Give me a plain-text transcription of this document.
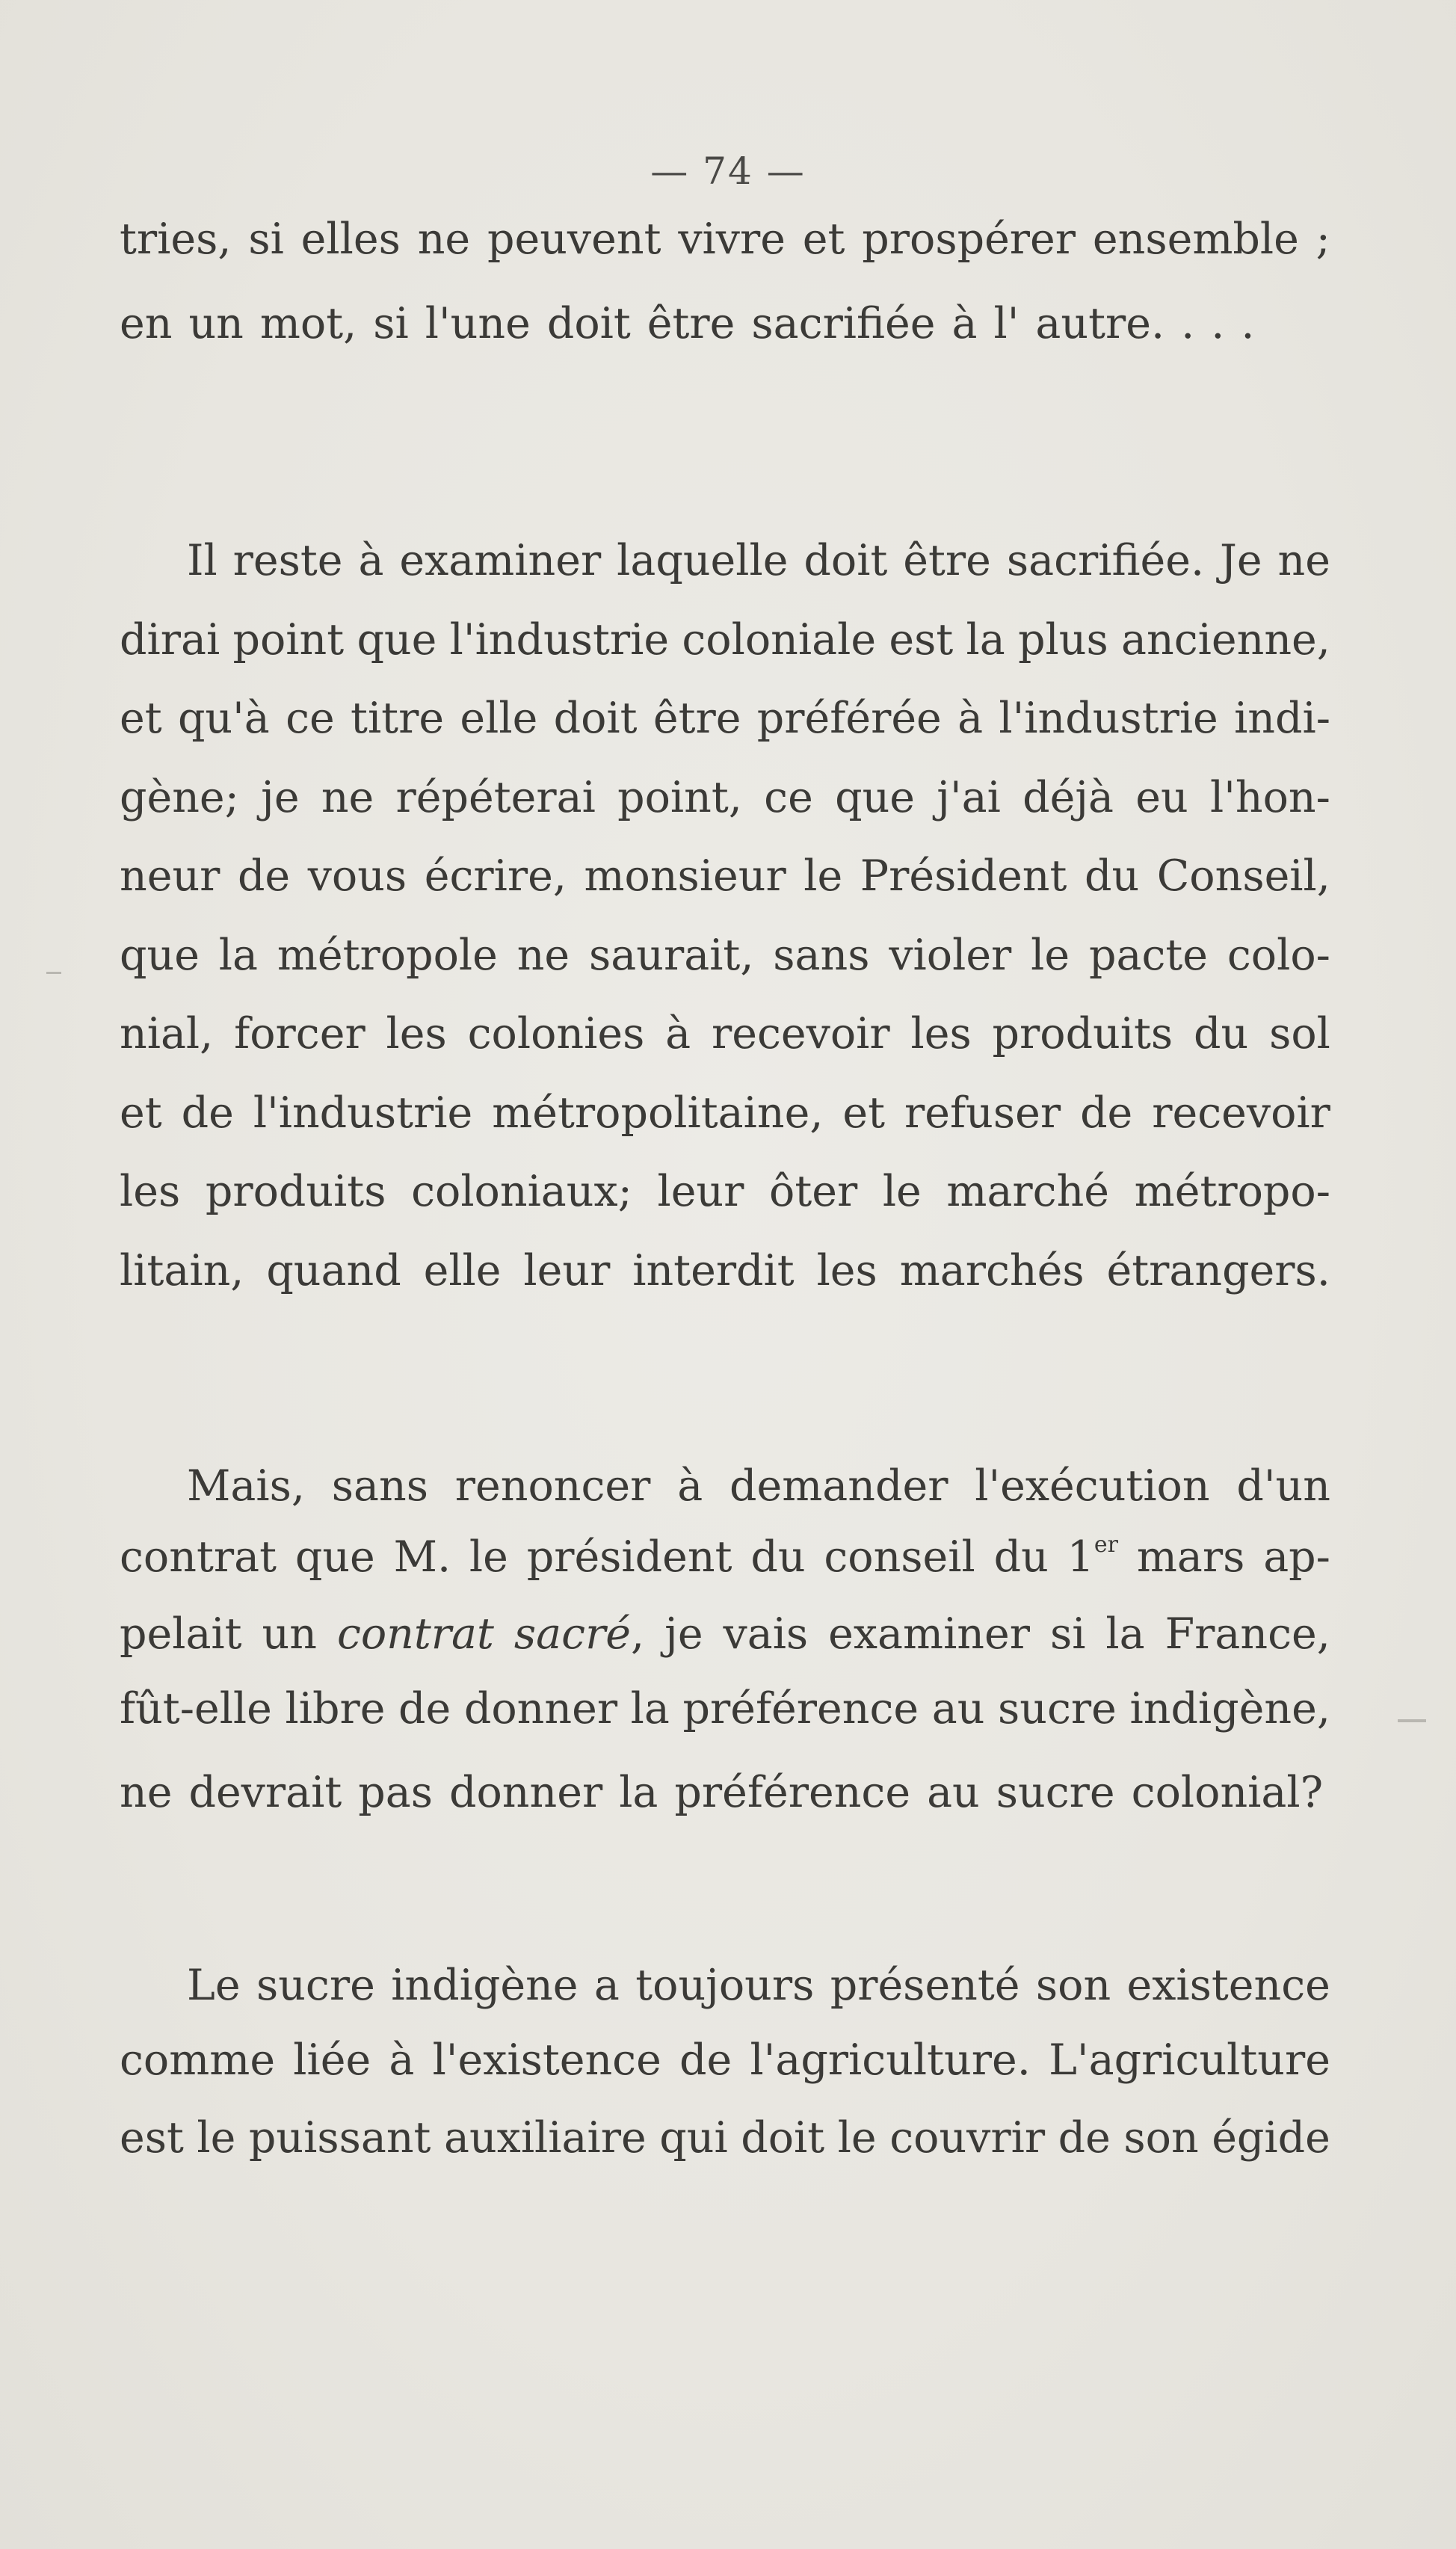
— 74 —
tries, si elles ne peuvent vivre et prospérer ensemble ;
en un mot, si l'une doit être sacrifiée à l' autre. . . .
Il reste à examiner laquelle doit être sacrifiée. Je ne
dirai point que l'industrie coloniale est la plus ancienne,
et qu'à ce titre elle doit être préférée à l'industrie indi-
gène; je ne répéterai point, ce que j'ai déjà eu l'hon-
neur de vous écrire, monsieur le Président du Conseil,
que la métropole ne saurait, sans violer le pacte colo-
nial, forcer les colonies à recevoir les produits du sol
et de l'industrie métropolitaine, et refuser de recevoir
les produits coloniaux; leur ôter le marché métropo-
litain, quand elle leur interdit les marchés étrangers.
Mais, sans renoncer à demander l'exécution d'un
contrat que M. le président du conseil du 1er mars ap-
pelait un contrat sacré, je vais examiner si la France,
fût-elle libre de donner la préférence au sucre indigène,
ne devrait pas donner la préférence au sucre colonial?
Le sucre indigène a toujours présenté son existence
comme liée à l'existence de l'agriculture. L'agriculture
est le puissant auxiliaire qui doit le couvrir de son égide
